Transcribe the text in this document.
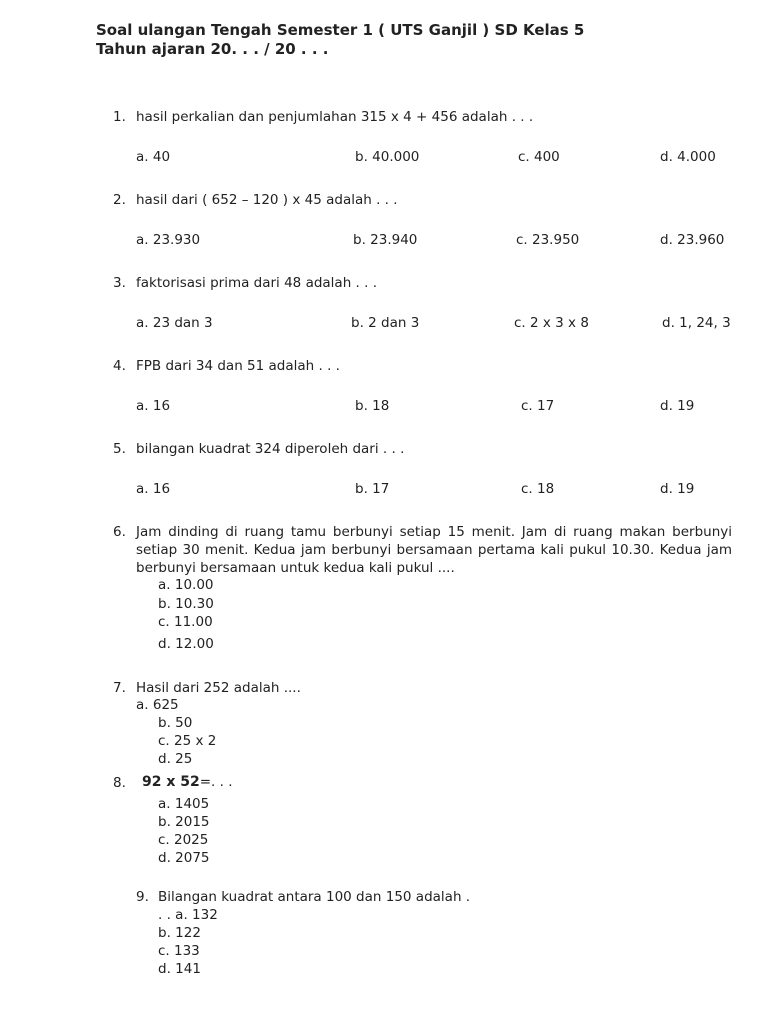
Soal ulangan Tengah Semester 1 ( UTS Ganjil ) SD Kelas 5
Tahun ajaran 20. . . / 20 . . .
1. hasil perkalian dan penjumlahan 315 x 4 + 456 adalah . . .
a. 40	b. 40.000	c. 400	d. 4.000
2. hasil dari ( 652 – 120 ) x 45 adalah . . .
a. 23.930	b. 23.940	c. 23.950	d. 23.960
3. faktorisasi prima dari 48 adalah . . .
a. 23 dan 3	b. 2 dan 3	c. 2 x 3 x 8	d. 1, 24, 3
4. FPB dari 34 dan 51 adalah . . .
a. 16	b. 18	c. 17	d. 19
5. bilangan kuadrat 324 diperoleh dari . . .
a. 16	b. 17	c. 18	d. 19
6. Jam dinding di ruang tamu berbunyi setiap 15 menit. Jam di ruang makan berbunyi setiap 30 menit. Kedua jam berbunyi bersamaan pertama kali pukul 10.30. Kedua jam berbunyi bersamaan untuk kedua kali pukul ....
a. 10.00
b. 10.30
c. 11.00
d. 12.00
7. Hasil dari 252 adalah ....
a. 625
b. 50
c. 25 x 2
d. 25
8. 92 x 52=. . .
a. 1405
b. 2015
c. 2025
d. 2075
9. Bilangan kuadrat antara 100 dan 150 adalah .
. . a. 132
b. 122
c. 133
d. 141
